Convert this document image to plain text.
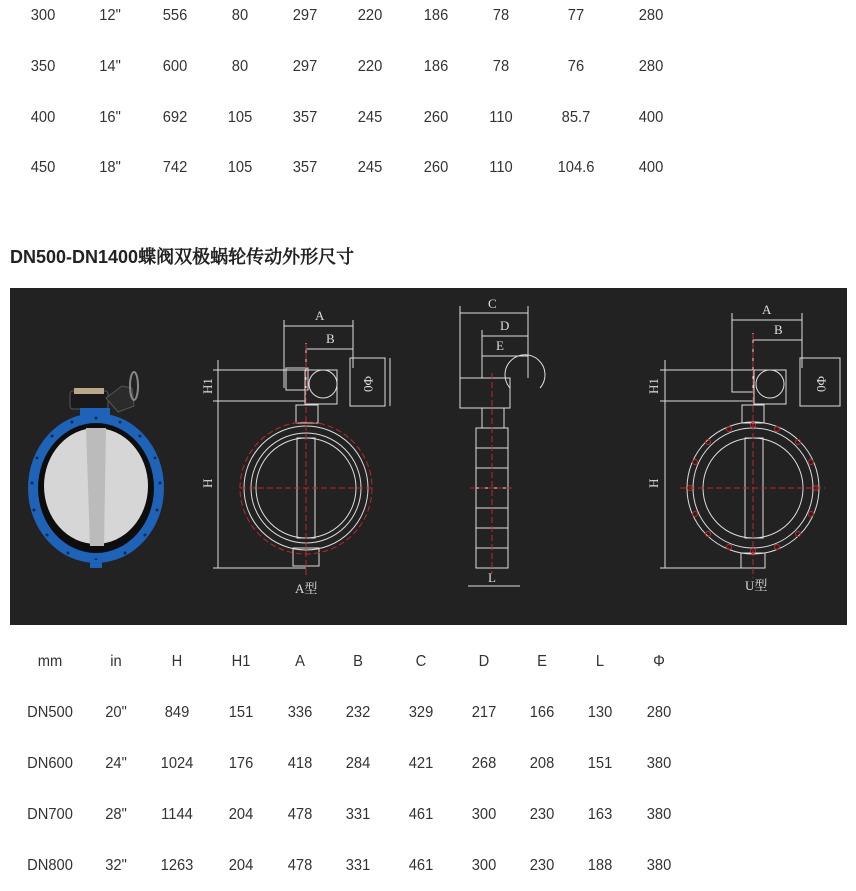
300	12"	556	80	297	220	186	78	77	280
350	14"	600	80	297	220	186	78	76	280
400	16"	692	105	357	245	260	110	85.7	400
450	18"	742	105	357	245	260	110	104.6	400
DN500-DN1400蝶阀双极蜗轮传动外形尺寸
A
B
H1
H
Φ0
A型
C
D
E
L
A
B
H1
H
Φ0
U型
mm	in	H	H1	A	B	C	D	E	L	Φ
DN500	20"	849	151	336	232	329	217	166	130	280
DN600	24"	1024	176	418	284	421	268	208	151	380
DN700	28"	1144	204	478	331	461	300	230	163	380
DN800	32"	1263	204	478	331	461	300	230	188	380
